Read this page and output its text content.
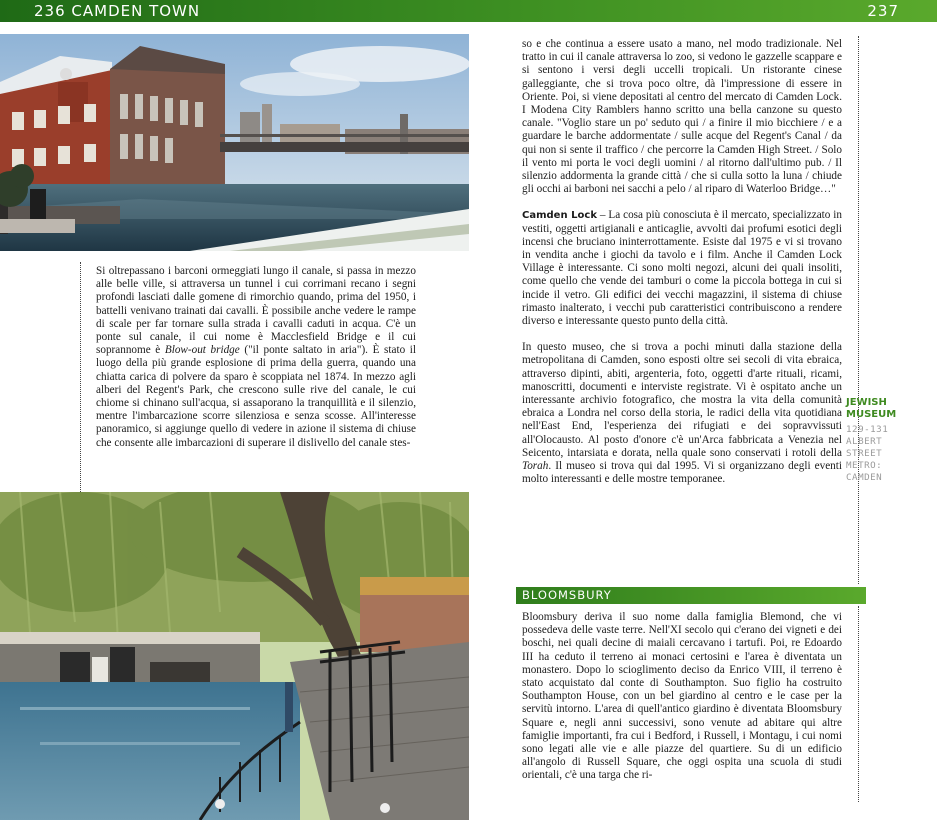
236 CAMDEN TOWN	237

Si oltrepassano i barconi ormeggiati lungo il canale, si passa in mezzo alle belle ville, si attraversa un tunnel i cui corrimani recano i segni profondi lasciati dalle gomene di rimorchio quando, prima del 1950, i battelli venivano trainati dai cavalli. È possibile anche vedere le rampe di scale per far tornare sulla strada i cavalli caduti in acqua. C'è un ponte sul canale, il cui nome è Macclesfield Bridge e il cui soprannome è Blow-out bridge ("il ponte saltato in aria"). È stato il luogo della più grande esplosione di prima della guerra, quando una chiatta carica di polvere da sparo è scoppiata nel 1874. In mezzo agli alberi del Regent's Park, che crescono sulle rive del canale, le cui chiome si chinano sull'acqua, si assaporano la tranquillità e il silenzio, mentre l'imbarcazione scorre silenziosa e senza scosse. All'interesse panoramico, si aggiunge quello di vedere in azione il sistema di chiuse che consente alle imbarcazioni di superare il dislivello del canale stes-

so e che continua a essere usato a mano, nel modo tradizionale. Nel tratto in cui il canale attraversa lo zoo, si vedono le gazzelle scappare e si sentono i versi degli uccelli tropicali. Un ristorante cinese galleggiante, che si trova poco oltre, dà l'impressione di essere in Oriente. Poi, si viene depositati al centro del mercato di Camden Lock. I Modena City Ramblers hanno scritto una bella canzone su questo canale. "Voglio stare un po' seduto qui / a finire il mio bicchiere / e a guardare le barche addormentate / sulle acque del Regent's Canal / da qui non si sente il traffico / che percorre la Camden High Street. / Solo il vento mi porta le voci degli uomini / al ritorno dall'ultimo pub. / Il silenzio addormenta la grande città / che si culla sotto la luna / chiude gli occhi ai barboni nei sacchi a pelo / al riparo di Waterloo Bridge…"

Camden Lock – La cosa più conosciuta è il mercato, specializzato in vestiti, oggetti artigianali e anticaglie, avvolti dai profumi esotici degli incensi che bruciano ininterrottamente. Esiste dal 1975 e vi si trovano in vendita anche i giochi da tavolo e i film. Anche il Camden Lock Village è interessante. Ci sono molti negozi, alcuni dei quali insoliti, come quello che vende dei tamburi o come la piccola bottega in cui si incide il vetro. Gli edifici dei vecchi magazzini, il sistema di chiuse rimasto inalterato, i vecchi pub caratteristici contribuiscono a rendere diverso e interessante questo punto della città.

In questo museo, che si trova a pochi minuti dalla stazione della metropolitana di Camden, sono esposti oltre sei secoli di vita ebraica, attraverso dipinti, abiti, argenteria, foto, oggetti d'arte rituali, ricami, manoscritti, documenti e interviste registrate. Vi è ospitato anche un interessante archivio fotografico, che mostra la vita della comunità ebraica a Londra nel corso della storia, le radici della vita quotidiana nell'East End, l'esperienza dei rifugiati e dei sopravvissuti all'Olocausto. Al posto d'onore c'è un'Arca fabbricata a Venezia nel Seicento, intarsiata e dorata, nella quale sono conservati i rotoli della Torah. Il museo si trova qui dal 1995. Vi si organizzano degli eventi molto interessanti e delle mostre temporanee.

JEWISH
MUSEUM
129-131
ALBERT
STREET
METRO:
CAMDEN
BLOOMSBURY

Bloomsbury deriva il suo nome dalla famiglia Blemond, che vi possedeva delle vaste terre. Nell'XI secolo qui c'erano dei vigneti e dei boschi, nei quali decine di maiali cercavano i tartufi. Poi, re Edoardo III ha ceduto il terreno ai monaci certosini e l'area è diventata un monastero. Dopo lo scioglimento deciso da Enrico VIII, il terreno è stato acquistato dal conte di Southampton. Suo figlio ha costruito Southampton House, con un bel giardino al centro e le case per la servitù intorno. L'area di quell'antico giardino è diventata Bloomsbury Square e, negli anni successivi, sono venute ad abitare qui altre famiglie importanti, fra cui i Bedford, i Russell, i Montagu, i cui nomi sono legati alle vie e alle piazze del quartiere. Su di un edificio all'angolo di Russell Square, che oggi ospita una scuola di studi orientali, c'è una targa che ri-
